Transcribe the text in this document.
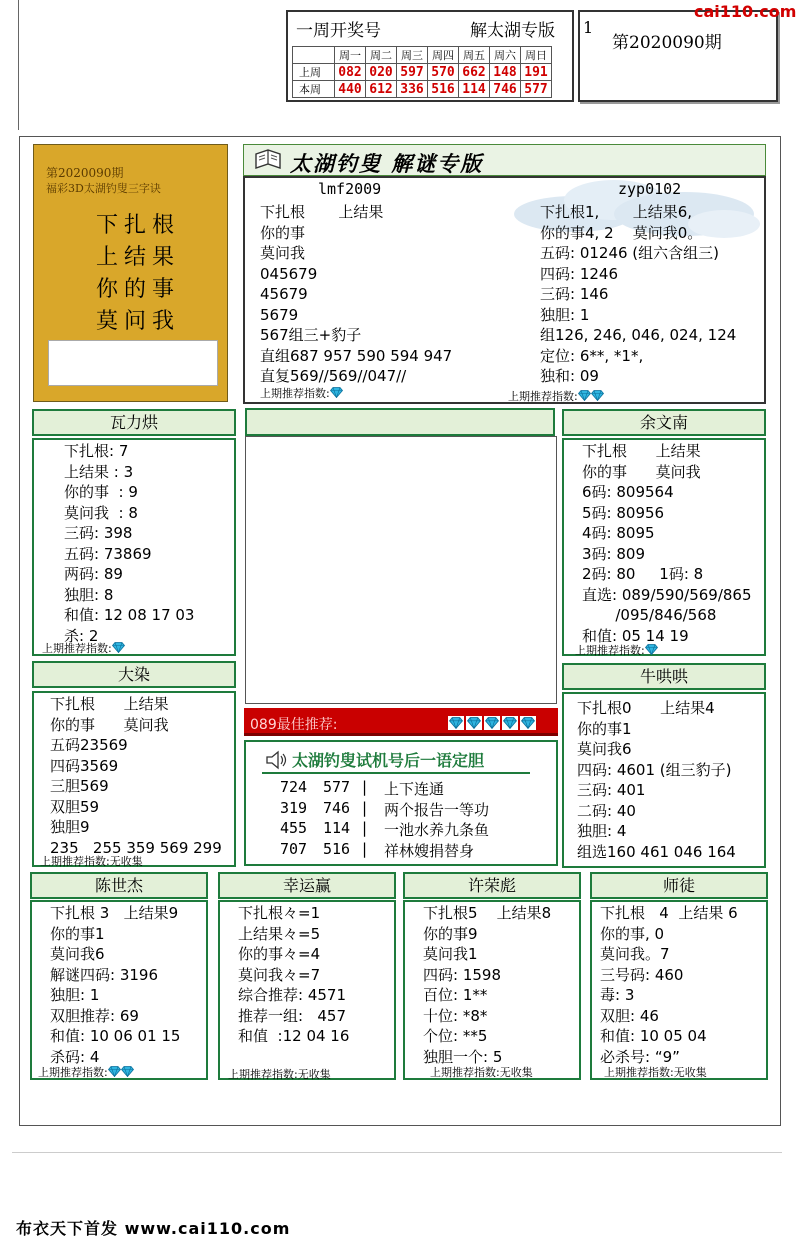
一周开奖号	解太湖专版 1
	周一	周二	周三	周四	周五	周六	周日
上周	082	020	597	570	662	148	191
本周	440	612	336	516	114	746	577
第2020090期
cai110.com
第2020090期
福彩3D太湖钓叟三字诀
下扎根
上结果
你的事
莫问我
太湖钓叟 解谜专版
lmf2009	zyp0102
下扎根       上结果
你的事
莫问我
045679
45679
5679
567组三+豹子
直组687 957 590 594 947
直复569//569//047//
下扎根1,       上结果6,
你的事4, 2    莫问我0。
五码: 01246 (组六含组三)
四码: 1246
三码: 146
独胆: 1
组126, 246, 046, 024, 124
定位: 6**, *1*,
独和: 09
上期推荐指数:	上期推荐指数:
瓦力烘
下扎根: 7
上结果 : 3
你的事  : 9
莫问我  : 8
三码: 398
五码: 73869
两码: 89
独胆: 8
和值: 12 08 17 03
杀: 2
上期推荐指数:
余文南
下扎根      上结果
你的事      莫问我
6码: 809564
5码: 80956
4码: 8095
3码: 809
2码: 80     1码: 8
直选: 089/590/569/865
/095/846/568
和值: 05 14 19
上期推荐指数:
大染
下扎根      上结果
你的事      莫问我
五码23569
四码3569
三胆569
双胆59
独胆9
235   255 359 569 299
上期推荐指数:无收集
089最佳推荐:
太湖钓叟试机号后一语定胆
724 577 | 上下连通
319 746 | 两个报告一等功
455 114 | 一池水养九条鱼
707 516 | 祥林嫂捐替身
牛哄哄
下扎根0      上结果4
你的事1
莫问我6
四码: 4601 (组三豹子)
三码: 401
二码: 40
独胆: 4
组选160 461 046 164
陈世杰
下扎根 3   上结果9
你的事1
莫问我6
解谜四码: 3196
独胆: 1
双胆推荐: 69
和值: 10 06 01 15
杀码: 4
上期推荐指数:
幸运赢
下扎根々=1
上结果々=5
你的事々=4
莫问我々=7
综合推荐: 4571
推荐一组:   457
和值  :12 04 16
上期推荐指数:无收集
许荣彪
下扎根5    上结果8
你的事9
莫问我1
四码: 1598
百位: 1**
十位: *8*
个位: **5
独胆一个: 5
上期推荐指数:无收集
师徒
下扎根   4  上结果 6
你的事, 0
莫问我。7
三号码: 460
毒: 3
双胆: 46
和值: 10 05 04
必杀号: “9”
上期推荐指数:无收集
布衣天下首发 www.cai110.com
